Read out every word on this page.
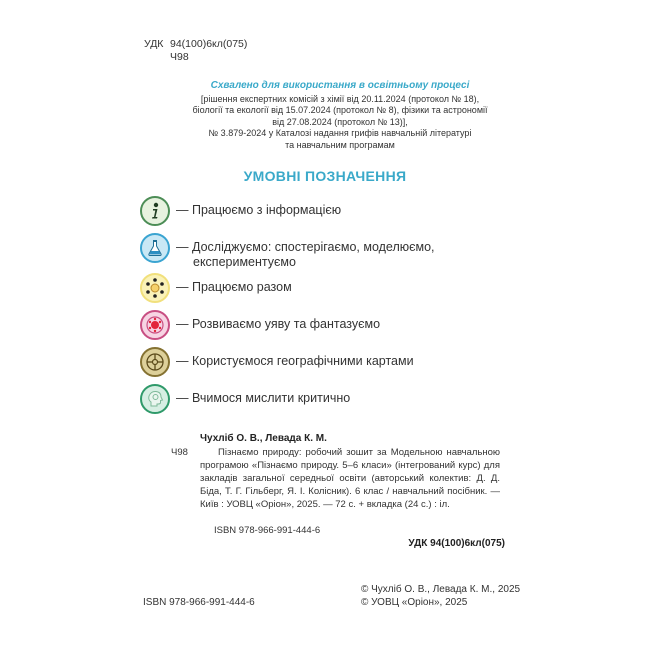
УДК 94(100)6кл(075)
Ч98
Схвалено для використання в освітньому процесі
[рішення експертних комісій з хімії від 20.11.2024 (протокол № 18),
біології та екології від 15.07.2024 (протокол № 8), фізики та астрономії
від 27.08.2024 (протокол № 13)],
№ 3.879-2024 у Каталозі надання грифів навчальній літературі
та навчальним програмам
УМОВНІ ПОЗНАЧЕННЯ
— Працюємо з інформацією
— Досліджуємо: спостерігаємо, моделюємо,
експериментуємо
— Працюємо разом
— Розвиваємо уяву та фантазуємо
— Користуємося географічними картами
— Вчимося мислити критично
Чухліб О. В., Левада К. М.
Ч98	Пізнаємо природу: робочий зошит за Модельною навчальною програмою «Пізнаємо природу. 5–6 класи» (інтегрований курс) для закладів загальної середньої освіти (авторський колектив: Д. Д. Біда, Т. Г. Гільберг, Я. І. Колісник). 6 клас / навчальний посібник. — Київ : УОВЦ «Оріон», 2025. — 72 с. + вкладка (24 с.) : іл.
ISBN 978-966-991-444-6
УДК 94(100)6кл(075)
ISBN 978-966-991-444-6
© Чухліб О. В., Левада К. М., 2025
© УОВЦ «Оріон», 2025
